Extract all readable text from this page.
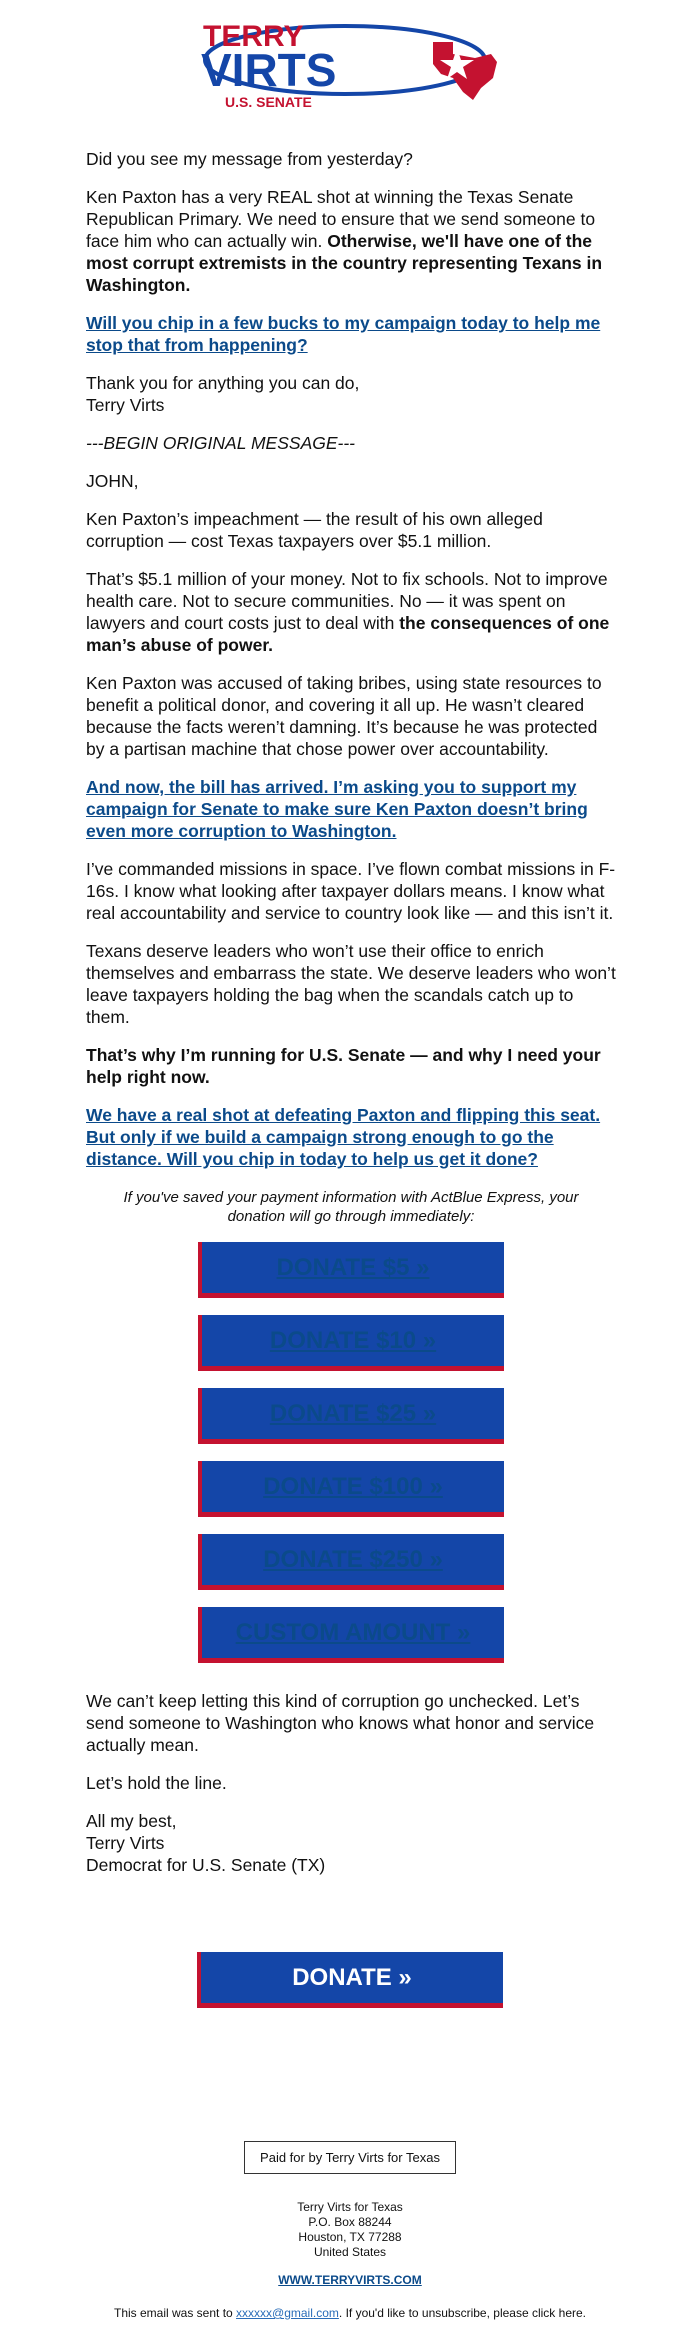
TERRY
VIRTS
U.S. SENATE

Did you see my message from yesterday?

Ken Paxton has a very REAL shot at winning the Texas Senate Republican Primary. We need to ensure that we send someone to face him who can actually win. Otherwise, we'll have one of the most corrupt extremists in the country representing Texans in Washington.

Will you chip in a few bucks to my campaign today to help me stop that from happening?

Thank you for anything you can do,
Terry Virts

---BEGIN ORIGINAL MESSAGE---

JOHN,

Ken Paxton’s impeachment — the result of his own alleged corruption — cost Texas taxpayers over $5.1 million.

That’s $5.1 million of your money. Not to fix schools. Not to improve health care. Not to secure communities. No — it was spent on lawyers and court costs just to deal with the consequences of one man’s abuse of power.

Ken Paxton was accused of taking bribes, using state resources to benefit a political donor, and covering it all up. He wasn’t cleared because the facts weren’t damning. It’s because he was protected by a partisan machine that chose power over accountability.

And now, the bill has arrived. I’m asking you to support my campaign for Senate to make sure Ken Paxton doesn’t bring even more corruption to Washington.

I’ve commanded missions in space. I’ve flown combat missions in F-16s. I know what looking after taxpayer dollars means. I know what real accountability and service to country look like — and this isn’t it.

Texans deserve leaders who won’t use their office to enrich themselves and embarrass the state. We deserve leaders who won’t leave taxpayers holding the bag when the scandals catch up to them.

That’s why I’m running for U.S. Senate — and why I need your help right now.

We have a real shot at defeating Paxton and flipping this seat. But only if we build a campaign strong enough to go the distance. Will you chip in today to help us get it done?

If you've saved your payment information with ActBlue Express, your donation will go through immediately:
DONATE $5 »
DONATE $10 »
DONATE $25 »
DONATE $100 »
DONATE $250 »
CUSTOM AMOUNT »

We can’t keep letting this kind of corruption go unchecked. Let’s send someone to Washington who knows what honor and service actually mean.

Let’s hold the line.

All my best,
Terry Virts
Democrat for U.S. Senate (TX)

DONATE »
Paid for by Terry Virts for Texas
Terry Virts for Texas
P.O. Box 88244
Houston, TX 77288
United States
WWW.TERRYVIRTS.COM
This email was sent to xxxxxx@gmail.com. If you'd like to unsubscribe, please click here.
